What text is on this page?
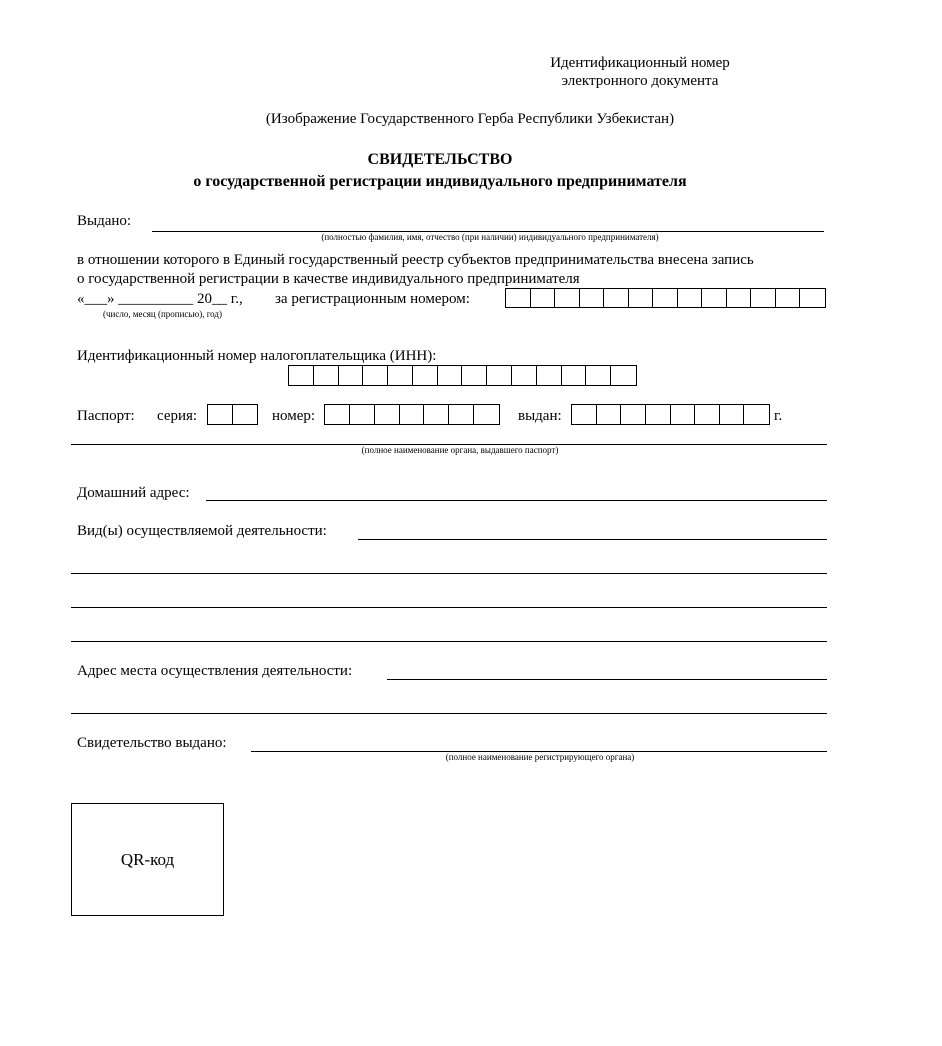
Идентификационный номер
электронного документа
(Изображение Государственного Герба Республики Узбекистан)
СВИДЕТЕЛЬСТВО
о государственной регистрации индивидуального предпринимателя
Выдано:
(полностью фамилия, имя, отчество (при наличии) индивидуального предпринимателя)
в отношении которого в Единый государственный реестр субъектов предпринимательства внесена запись
о государственной регистрации в качестве индивидуального предпринимателя
«___» __________ 20__ г., за регистрационным номером:
(число, месяц (прописью), год)
Идентификационный номер налогоплательщика (ИНН):
Паспорт: серия:	номер:	выдан:	г.
(полное наименование органа, выдавшего паспорт)
Домашний адрес:
Вид(ы) осуществляемой деятельности:
Адрес места осуществления деятельности:
Свидетельство выдано:
(полное наименование регистрирующего органа)
QR-код
